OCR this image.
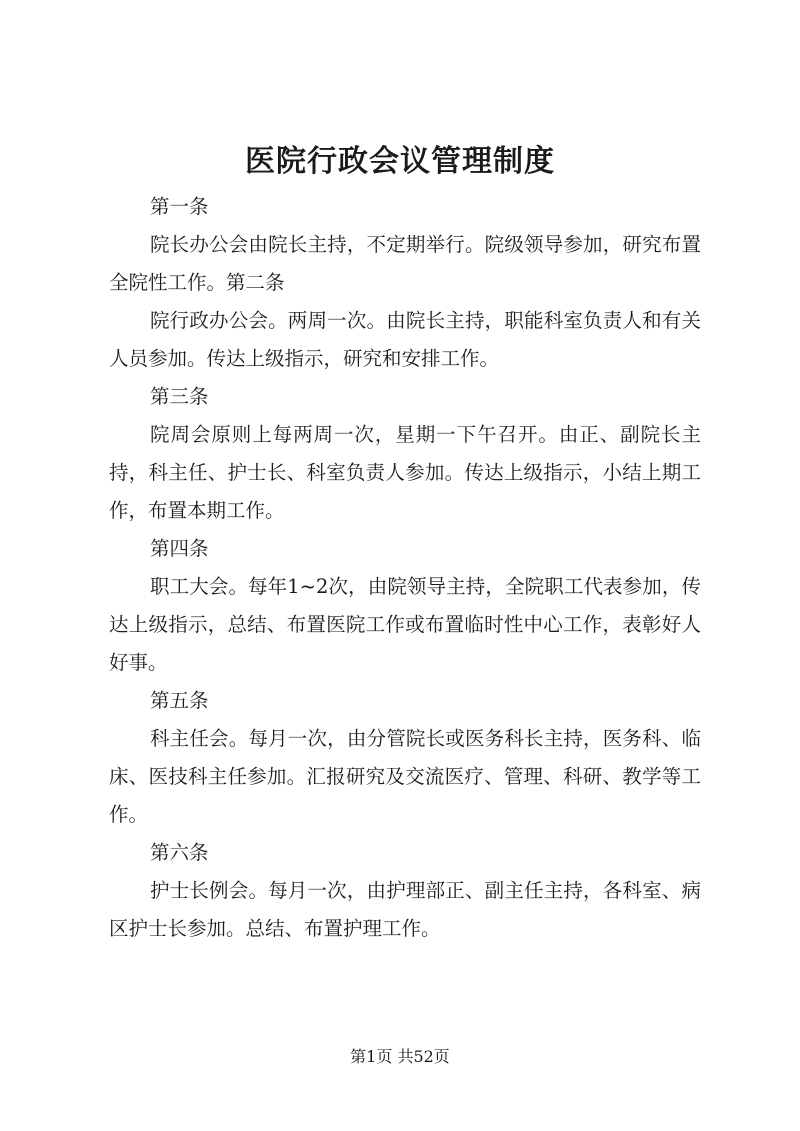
医院行政会议管理制度

第一条

院长办公会由院长主持，不定期举行。院级领导参加，研究布置全院性工作。第二条

院行政办公会。两周一次。由院长主持，职能科室负责人和有关人员参加。传达上级指示，研究和安排工作。

第三条

院周会原则上每两周一次，星期一下午召开。由正、副院长主持，科主任、护士长、科室负责人参加。传达上级指示，小结上期工作，布置本期工作。

第四条

职工大会。每年1~2次，由院领导主持，全院职工代表参加，传达上级指示，总结、布置医院工作或布置临时性中心工作，表彰好人好事。

第五条

科主任会。每月一次，由分管院长或医务科长主持，医务科、临床、医技科主任参加。汇报研究及交流医疗、管理、科研、教学等工作。

第六条

护士长例会。每月一次，由护理部正、副主任主持，各科室、病区护士长参加。总结、布置护理工作。

第1页 共52页
